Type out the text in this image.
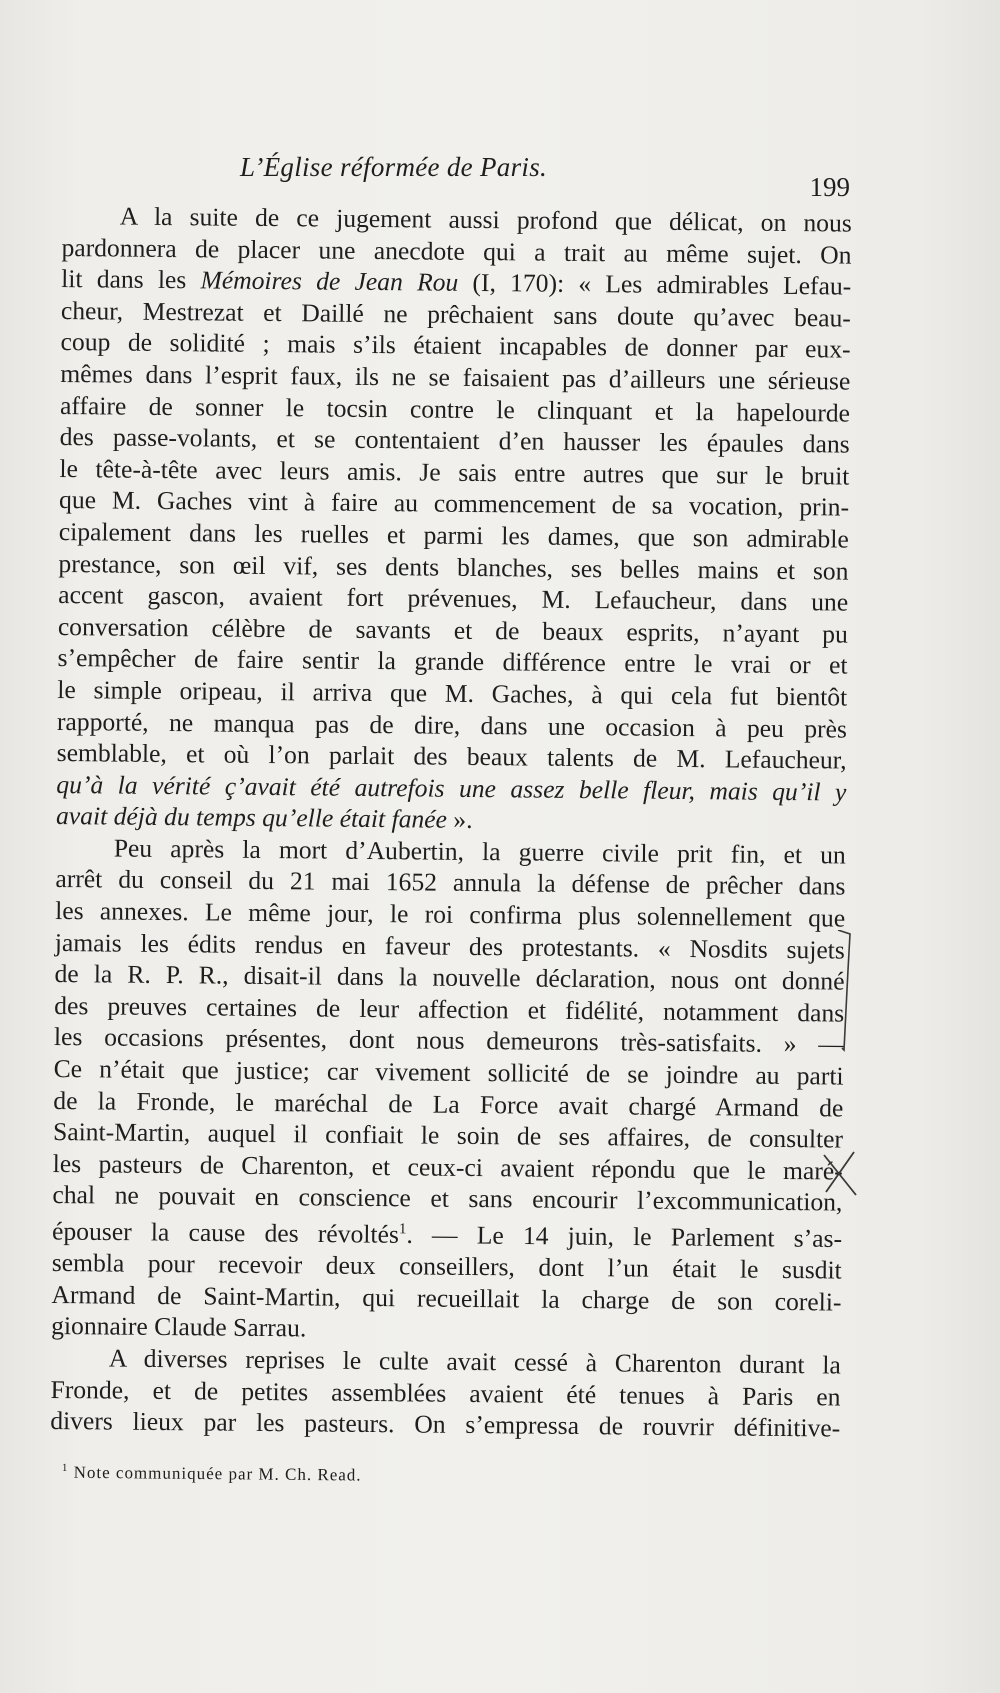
L’Église réformée de Paris.
199
A la suite de ce jugement aussi profond que délicat, on nous
pardonnera de placer une anecdote qui a trait au même sujet. On
lit dans les Mémoires de Jean Rou (I, 170): « Les admirables Lefau-
cheur, Mestrezat et Daillé ne prêchaient sans doute qu’avec beau-
coup de solidité ; mais s’ils étaient incapables de donner par eux-
mêmes dans l’esprit faux, ils ne se faisaient pas d’ailleurs une sérieuse
affaire de sonner le tocsin contre le clinquant et la hapelourde
des passe-volants, et se contentaient d’en hausser les épaules dans
le tête-à-tête avec leurs amis. Je sais entre autres que sur le bruit
que M. Gaches vint à faire au commencement de sa vocation, prin-
cipalement dans les ruelles et parmi les dames, que son admirable
prestance, son œil vif, ses dents blanches, ses belles mains et son
accent gascon, avaient fort prévenues, M. Lefaucheur, dans une
conversation célèbre de savants et de beaux esprits, n’ayant pu
s’empêcher de faire sentir la grande différence entre le vrai or et
le simple oripeau, il arriva que M. Gaches, à qui cela fut bientôt
rapporté, ne manqua pas de dire, dans une occasion à peu près
semblable, et où l’on parlait des beaux talents de M. Lefaucheur,
qu’à la vérité ç’avait été autrefois une assez belle fleur, mais qu’il y
avait déjà du temps qu’elle était fanée ».
Peu après la mort d’Aubertin, la guerre civile prit fin, et un
arrêt du conseil du 21 mai 1652 annula la défense de prêcher dans
les annexes. Le même jour, le roi confirma plus solennellement que
jamais les édits rendus en faveur des protestants. « Nosdits sujets
de la R. P. R., disait-il dans la nouvelle déclaration, nous ont donné
des preuves certaines de leur affection et fidélité, notamment dans
les occasions présentes, dont nous demeurons très-satisfaits. » —
Ce n’était que justice; car vivement sollicité de se joindre au parti
de la Fronde, le maréchal de La Force avait chargé Armand de
Saint-Martin, auquel il confiait le soin de ses affaires, de consulter
les pasteurs de Charenton, et ceux-ci avaient répondu que le maré-
chal ne pouvait en conscience et sans encourir l’excommunication,
épouser la cause des révoltés$^1$. — Le 14 juin, le Parlement s’as-
sembla pour recevoir deux conseillers, dont l’un était le susdit
Armand de Saint-Martin, qui recueillait la charge de son coreli-
gionnaire Claude Sarrau.
A diverses reprises le culte avait cessé à Charenton durant la
Fronde, et de petites assemblées avaient été tenues à Paris en
divers lieux par les pasteurs. On s’empressa de rouvrir définitive-
$^1$ Note communiquée par M. Ch. Read.
